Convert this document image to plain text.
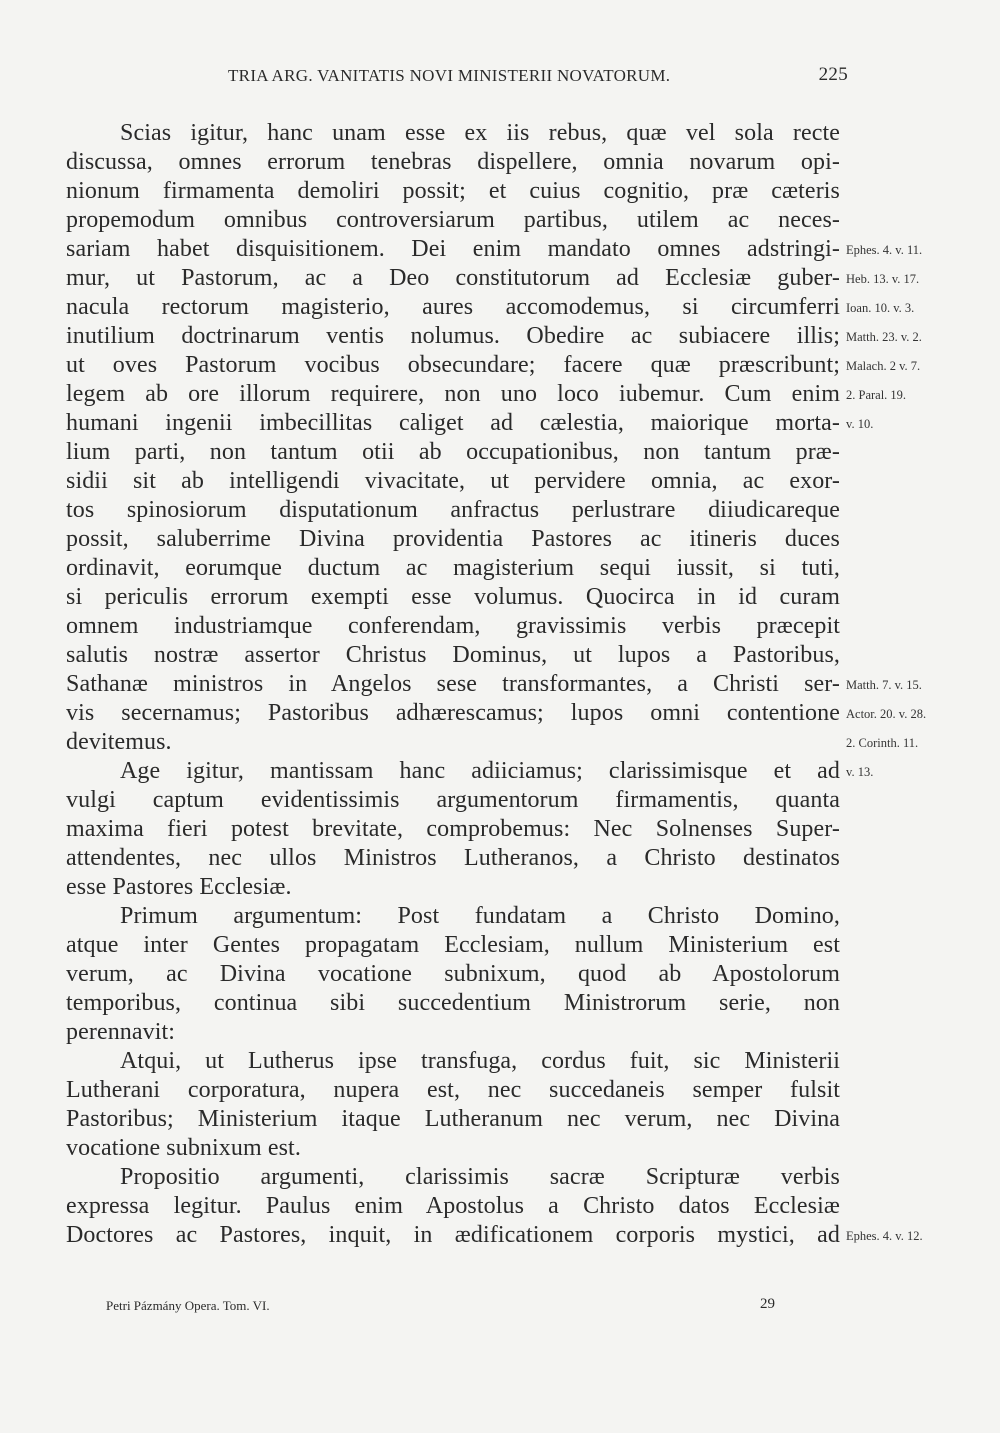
TRIA ARG. VANITATIS NOVI MINISTERII NOVATORUM.	225
Scias igitur, hanc unam esse ex iis rebus, quæ vel sola recte
discussa, omnes errorum tenebras dispellere, omnia novarum opi-
nionum firmamenta demoliri possit; et cuius cognitio, præ cæteris
propemodum omnibus controversiarum partibus, utilem ac neces-
sariam habet disquisitionem. Dei enim mandato omnes adstringi-
mur, ut Pastorum, ac a Deo constitutorum ad Ecclesiæ guber-
nacula rectorum magisterio, aures accomodemus, si circumferri
inutilium doctrinarum ventis nolumus. Obedire ac subiacere illis;
ut oves Pastorum vocibus obsecundare; facere quæ præscribunt;
legem ab ore illorum requirere, non uno loco iubemur. Cum enim
humani ingenii imbecillitas caliget ad cælestia, maiorique morta-
lium parti, non tantum otii ab occupationibus, non tantum præ-
sidii sit ab intelligendi vivacitate, ut pervidere omnia, ac exor-
tos spinosiorum disputationum anfractus perlustrare diiudicareque
possit, saluberrime Divina providentia Pastores ac itineris duces
ordinavit, eorumque ductum ac magisterium sequi iussit, si tuti,
si periculis errorum exempti esse volumus. Quocirca in id curam
omnem industriamque conferendam, gravissimis verbis præcepit
salutis nostræ assertor Christus Dominus, ut lupos a Pastoribus,
Sathanæ ministros in Angelos sese transformantes, a Christi ser-
vis secernamus; Pastoribus adhærescamus; lupos omni contentione
devitemus.
Age igitur, mantissam hanc adiiciamus; clarissimisque et ad
vulgi captum evidentissimis argumentorum firmamentis, quanta
maxima fieri potest brevitate, comprobemus: Nec Solnenses Super-
attendentes, nec ullos Ministros Lutheranos, a Christo destinatos
esse Pastores Ecclesiæ.
Primum argumentum: Post fundatam a Christo Domino,
atque inter Gentes propagatam Ecclesiam, nullum Ministerium est
verum, ac Divina vocatione subnixum, quod ab Apostolorum
temporibus, continua sibi succedentium Ministrorum serie, non
perennavit:
Atqui, ut Lutherus ipse transfuga, cordus fuit, sic Ministerii
Lutherani corporatura, nupera est, nec succedaneis semper fulsit
Pastoribus; Ministerium itaque Lutheranum nec verum, nec Divina
vocatione subnixum est.
Propositio argumenti, clarissimis sacræ Scripturæ verbis
expressa legitur. Paulus enim Apostolus a Christo datos Ecclesiæ
Doctores ac Pastores, inquit, in ædificationem corporis mystici, ad
Ephes. 4. v. 11.
Heb. 13. v. 17.
Ioan. 10. v. 3.
Matth. 23. v. 2.
Malach. 2 v. 7.
2. Paral. 19.
v. 10.
Matth. 7. v. 15.
Actor. 20. v. 28.
2. Corinth. 11.
v. 13.
Ephes. 4. v. 12.
Petri Pázmány Opera. Tom. VI.	29
